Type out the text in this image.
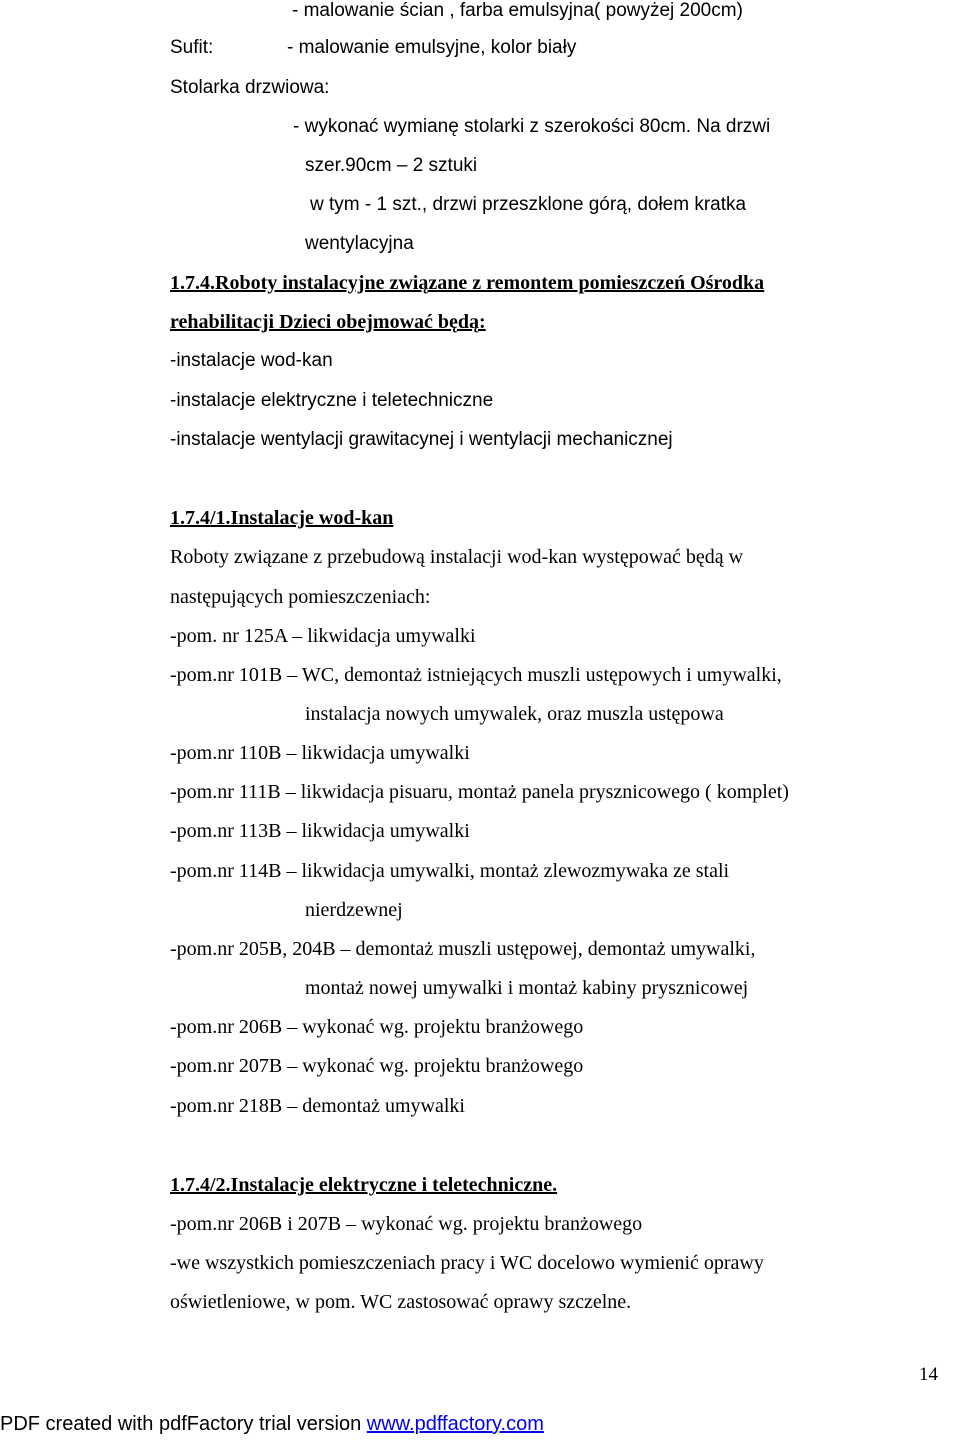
- malowanie ścian , farba emulsyjna( powyżej 200cm)
Sufit:	- malowanie emulsyjne, kolor biały
Stolarka drzwiowa:
- wykonać wymianę stolarki z szerokości 80cm. Na drzwi
szer.90cm – 2 sztuki
w tym - 1 szt., drzwi przeszklone górą, dołem kratka
wentylacyjna
1.7.4.Roboty instalacyjne związane z remontem pomieszczeń Ośrodka
rehabilitacji Dzieci obejmować będą:
-instalacje wod-kan
-instalacje elektryczne i teletechniczne
-instalacje wentylacji grawitacynej i wentylacji mechanicznej
1.7.4/1.Instalacje wod-kan
Roboty związane z przebudową instalacji wod-kan występować będą w
następujących pomieszczeniach:
-pom. nr 125A – likwidacja umywalki
-pom.nr 101B – WC, demontaż istniejących muszli ustępowych i umywalki,
instalacja nowych umywalek, oraz muszla ustępowa
-pom.nr 110B – likwidacja umywalki
-pom.nr 111B – likwidacja pisuaru, montaż panela prysznicowego ( komplet)
-pom.nr 113B – likwidacja umywalki
-pom.nr 114B – likwidacja umywalki, montaż zlewozmywaka ze stali
nierdzewnej
-pom.nr 205B, 204B – demontaż muszli ustępowej, demontaż umywalki,
montaż nowej umywalki i montaż kabiny prysznicowej
-pom.nr 206B – wykonać wg. projektu branżowego
-pom.nr 207B – wykonać wg. projektu branżowego
-pom.nr 218B – demontaż umywalki
1.7.4/2.Instalacje elektryczne i teletechniczne.
-pom.nr 206B i 207B – wykonać wg. projektu branżowego
-we wszystkich pomieszczeniach pracy i WC docelowo wymienić oprawy
oświetleniowe, w pom. WC zastosować oprawy szczelne.
14
PDF created with pdfFactory trial version www.pdffactory.com
